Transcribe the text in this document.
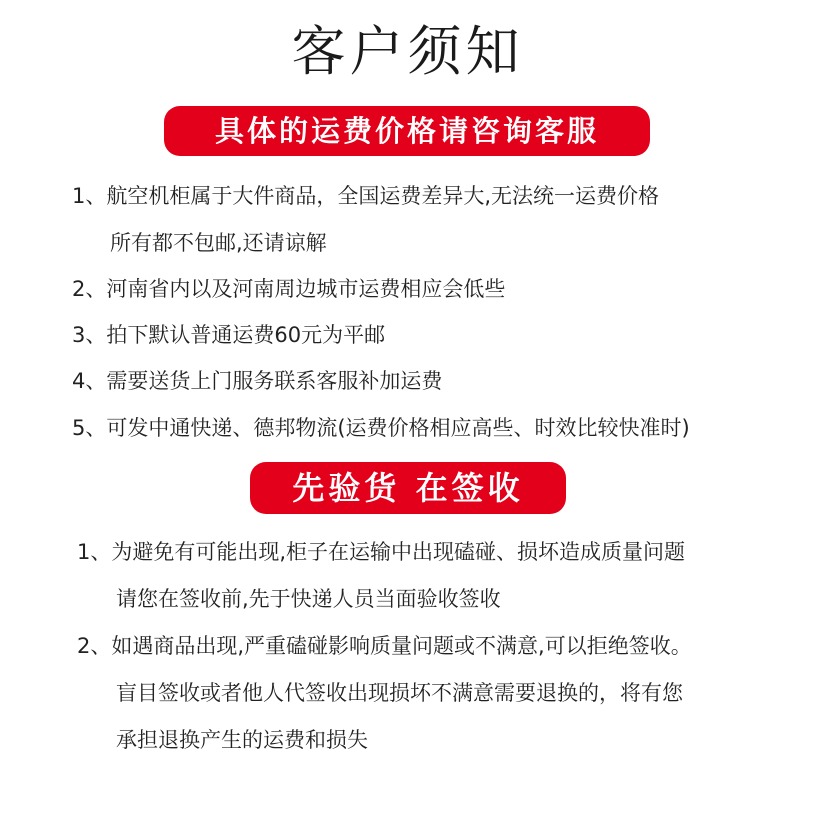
客户须知
具体的运费价格请咨询客服

1、航空机柜属于大件商品，全国运费差异大,无法统一运费价格

所有都不包邮,还请谅解

2、河南省内以及河南周边城市运费相应会低些

3、拍下默认普通运费60元为平邮

4、需要送货上门服务联系客服补加运费

5、可发中通快递、德邦物流(运费价格相应高些、时效比较快准时)

先验货 在签收

1、为避免有可能出现,柜子在运输中出现磕碰、损坏造成质量问题

请您在签收前,先于快递人员当面验收签收

2、如遇商品出现,严重磕碰影响质量问题或不满意,可以拒绝签收。

盲目签收或者他人代签收出现损坏不满意需要退换的，将有您

承担退换产生的运费和损失
